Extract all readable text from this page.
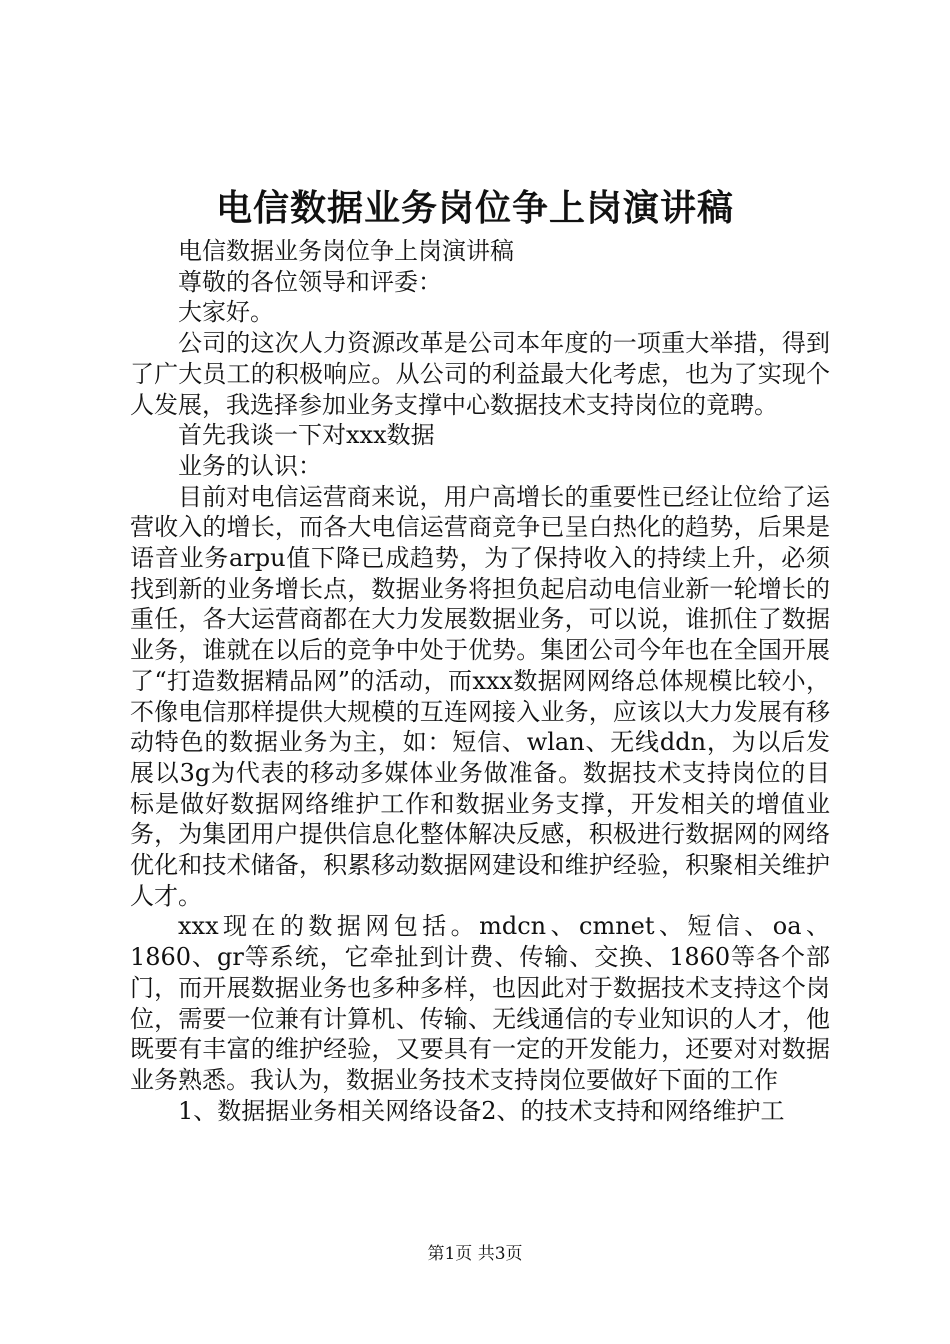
电信数据业务岗位争上岗演讲稿

电信数据业务岗位争上岗演讲稿

尊敬的各位领导和评委：

大家好。

公司的这次人力资源改革是公司本年度的一项重大举措，得到了广大员工的积极响应。从公司的利益最大化考虑，也为了实现个人发展，我选择参加业务支撑中心数据技术支持岗位的竟聘。

首先我谈一下对xxx数据

业务的认识：

目前对电信运营商来说，用户高增长的重要性已经让位给了运营收入的增长，而各大电信运营商竞争已呈白热化的趋势，后果是语音业务arpu值下降已成趋势，为了保持收入的持续上升，必须找到新的业务增长点，数据业务将担负起启动电信业新一轮增长的重任，各大运营商都在大力发展数据业务，可以说，谁抓住了数据业务，谁就在以后的竞争中处于优势。集团公司今年也在全国开展了“打造数据精品网”的活动，而xxx数据网网络总体规模比较小，不像电信那样提供大规模的互连网接入业务，应该以大力发展有移动特色的数据业务为主，如：短信、wlan、无线ddn，为以后发展以3g为代表的移动多媒体业务做准备。数据技术支持岗位的目标是做好数据网络维护工作和数据业务支撑，开发相关的增值业务，为集团用户提供信息化整体解决反感，积极进行数据网的网络优化和技术储备，积累移动数据网建设和维护经验，积聚相关维护人才。

xxx现在的数据网包括。mdcn、cmnet、短信、oa、1860、gr等系统，它牵扯到计费、传输、交换、1860等各个部门，而开展数据业务也多种多样，也因此对于数据技术支持这个岗位，需要一位兼有计算机、传输、无线通信的专业知识的人才，他既要有丰富的维护经验，又要具有一定的开发能力，还要对对数据业务熟悉。我认为，数据业务技术支持岗位要做好下面的工作

1、数据据业务相关网络设备2、的技术支持和网络维护工

第1页 共3页
